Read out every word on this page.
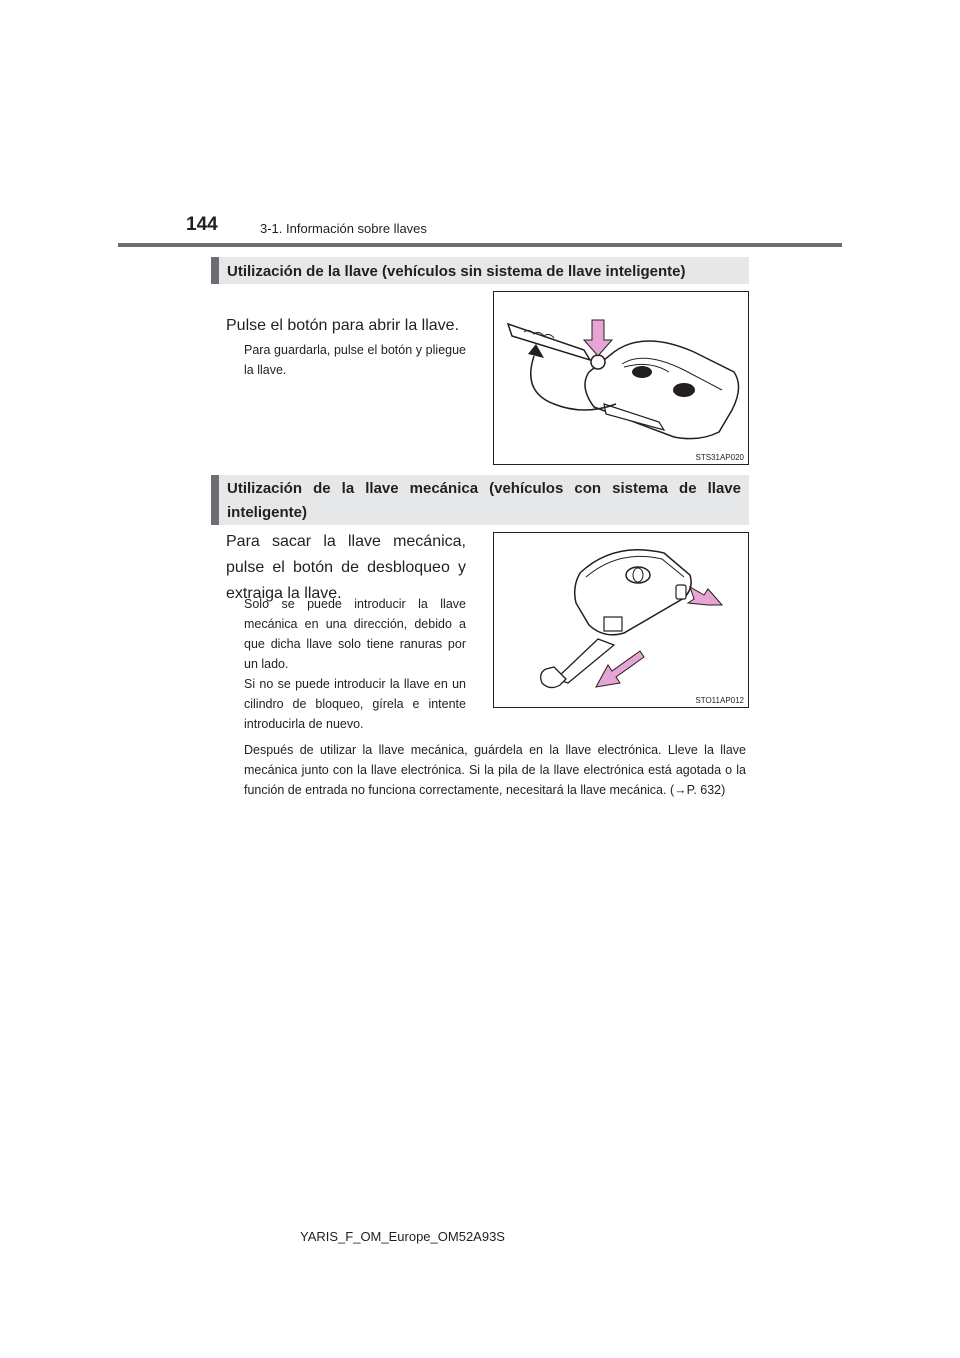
144	3-1. Información sobre llaves
Utilización de la llave (vehículos sin sistema de llave inteligente)
Pulse el botón para abrir la llave.
Para guardarla, pulse el botón y pliegue la llave.
STS31AP020
Utilización de la llave mecánica (vehículos con sistema de llave inteligente)
Para sacar la llave mecánica, pulse el botón de desbloqueo y extraiga la llave.
Solo se puede introducir la llave mecánica en una dirección, debido a que dicha llave solo tiene ranuras por un lado.
Si no se puede introducir la llave en un cilindro de bloqueo, gírela e intente introducirla de nuevo.
STO11AP012
Después de utilizar la llave mecánica, guárdela en la llave electrónica. Lleve la llave mecánica junto con la llave electrónica. Si la pila de la llave electrónica está agotada o la función de entrada no funciona correctamente, necesitará la llave mecánica. (→P. 632)
YARIS_F_OM_Europe_OM52A93S
